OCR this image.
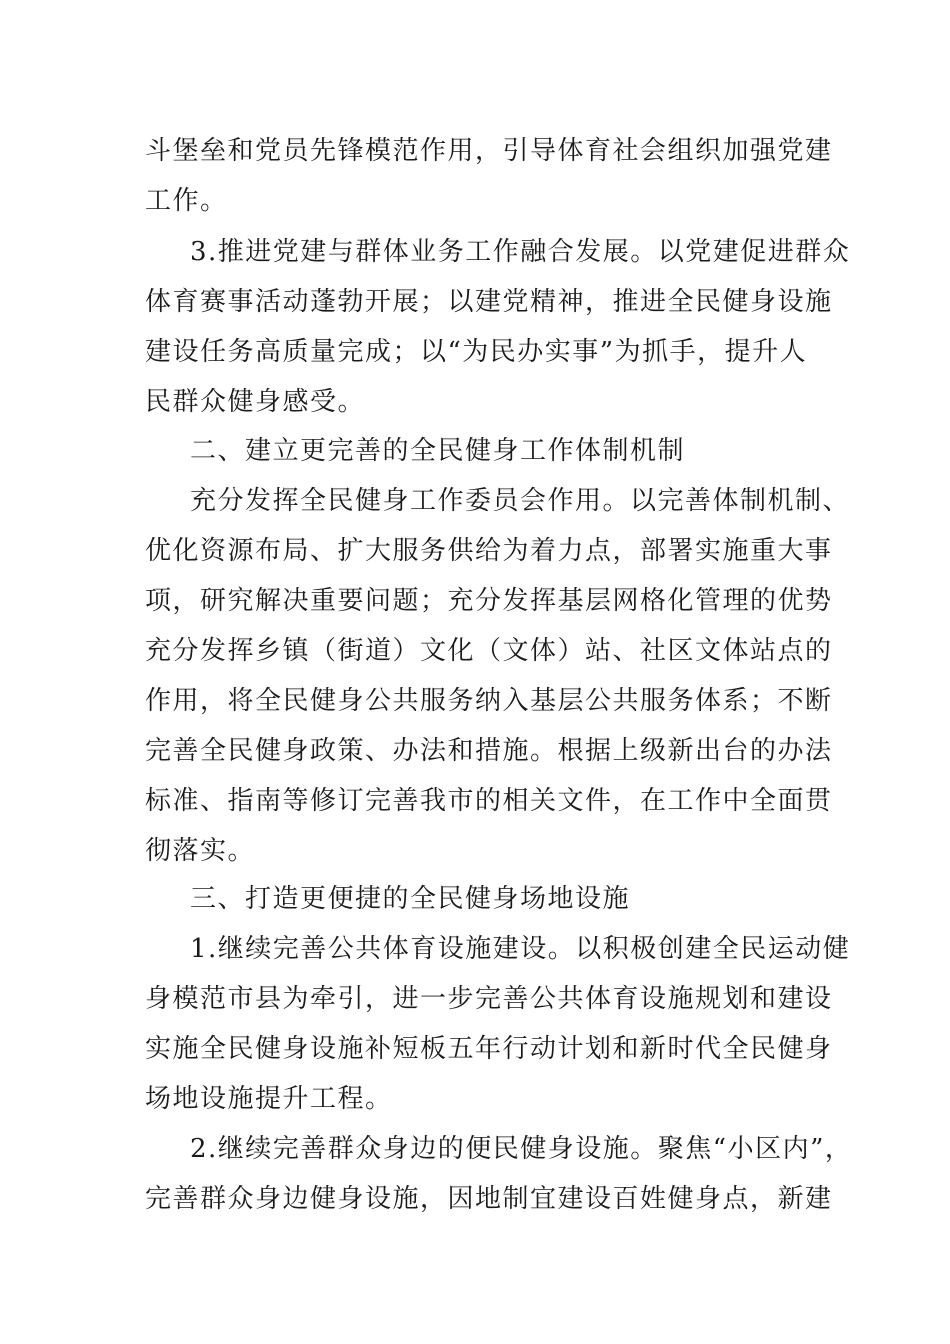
斗堡垒和党员先锋模范作用，引导体育社会组织加强党建
工作。
3.推进党建与群体业务工作融合发展。以党建促进群众
体育赛事活动蓬勃开展；以建党精神，推进全民健身设施
建设任务高质量完成；以“为民办实事”为抓手，提升人
民群众健身感受。
二、建立更完善的全民健身工作体制机制
充分发挥全民健身工作委员会作用。以完善体制机制、
优化资源布局、扩大服务供给为着力点，部署实施重大事
项，研究解决重要问题；充分发挥基层网格化管理的优势
充分发挥乡镇（街道）文化（文体）站、社区文体站点的
作用，将全民健身公共服务纳入基层公共服务体系；不断
完善全民健身政策、办法和措施。根据上级新出台的办法
标准、指南等修订完善我市的相关文件，在工作中全面贯
彻落实。
三、打造更便捷的全民健身场地设施
1.继续完善公共体育设施建设。以积极创建全民运动健
身模范市县为牵引，进一步完善公共体育设施规划和建设
实施全民健身设施补短板五年行动计划和新时代全民健身
场地设施提升工程。
2.继续完善群众身边的便民健身设施。聚焦“小区内”，
完善群众身边健身设施，因地制宜建设百姓健身点，新建
